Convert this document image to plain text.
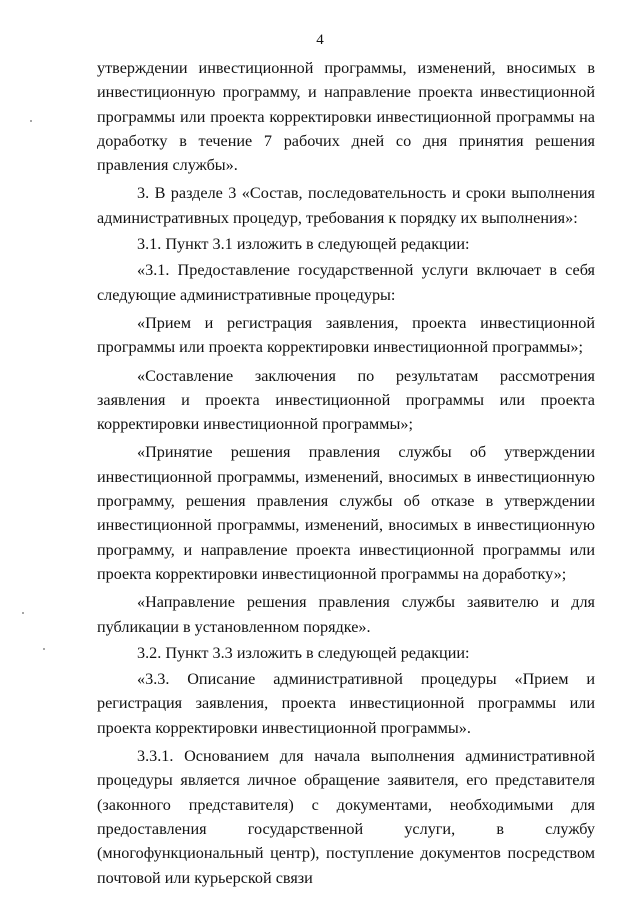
4

утверждении инвестиционной программы, изменений, вносимых в инвестиционную программу, и направление проекта инвестиционной программы или проекта корректировки инвестиционной программы на доработку в течение 7 рабочих дней со дня принятия решения правления службы».

3. В разделе 3 «Состав, последовательность и сроки выполнения административных процедур, требования к порядку их выполнения»:

3.1. Пункт 3.1 изложить в следующей редакции:

«3.1. Предоставление государственной услуги включает в себя следующие административные процедуры:

«Прием и регистрация заявления, проекта инвестиционной программы или проекта корректировки инвестиционной программы»;

«Составление заключения по результатам рассмотрения заявления и проекта инвестиционной программы или проекта корректировки инвестиционной программы»;

«Принятие решения правления службы об утверждении инвестиционной программы, изменений, вносимых в инвестиционную программу, решения правления службы об отказе в утверждении инвестиционной программы, изменений, вносимых в инвестиционную программу, и направление проекта инвестиционной программы или проекта корректировки инвестиционной программы на доработку»;

«Направление решения правления службы заявителю и для публикации в установленном порядке».

3.2. Пункт 3.3 изложить в следующей редакции:

«3.3. Описание административной процедуры «Прием и регистрация заявления, проекта инвестиционной программы или проекта корректировки инвестиционной программы».

3.3.1. Основанием для начала выполнения административной процедуры является личное обращение заявителя, его представителя (законного представителя) с документами, необходимыми для предоставления государственной услуги, в службу (многофункциональный центр), поступление документов посредством почтовой или курьерской связи
